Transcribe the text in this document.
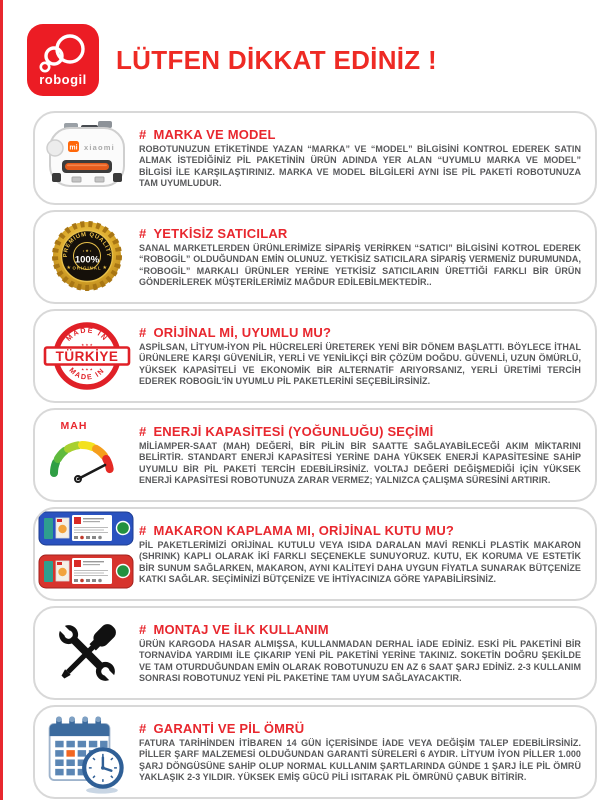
robogil
LÜTFEN DİKKAT EDİNİZ !
mi xiaomi
# MARKA VE MODEL

ROBOTUNUZUN ETİKETİNDE YAZAN “MARKA” VE “MODEL” BİLGİSİNİ KONTROL EDEREK SATIN ALMAK İSTEDİĞİNİZ PİL PAKETİNİN ÜRÜN ADINDA YER ALAN “UYUMLU MARKA VE MODEL” BİLGİSİ İLE KARŞILAŞTIRINIZ. MARKA VE MODEL BİLGİLERİ AYNI İSE PİL PAKETİ ROBOTUNUZA TAM UYUMLUDUR.

PREMIUM QUALITY
• ★ •
100%
ORIGINAL
★	★
# YETKİSİZ SATICILAR

SANAL MARKETLERDEN ÜRÜNLERİMİZE SİPARİŞ VERİRKEN “SATICI” BİLGİSİNİ KOTROL EDEREK “ROBOGİL” OLDUĞUNDAN EMİN OLUNUZ. YETKİSİZ SATICILARA SİPARİŞ VERMENİZ DURUMUNDA, “ROBOGİL” MARKALI ÜRÜNLER YERİNE YETKİSİZ SATICILARIN ÜRETTİĞİ FARKLI BİR ÜRÜN GÖNDERİLEREK MÜŞTERİLERİMİZ MAĞDUR EDİLEBİLMEKTEDİR..

MADE IN
★ ★ ★
TÜRKİYE
★ ★ ★
MADE IN
# ORİJİNAL Mİ, UYUMLU MU?

ASPİLSAN, LİTYUM-İYON PİL HÜCRELERİ ÜRETEREK YENİ BİR DÖNEM BAŞLATTI. BÖYLECE İTHAL ÜRÜNLERE KARŞI GÜVENİLİR, YERLİ VE YENİLİKÇİ BİR ÇÖZÜM DOĞDU. GÜVENLİ, UZUN ÖMÜRLÜ, YÜKSEK KAPASİTELİ VE EKONOMİK BİR ALTERNATİF ARIYORSANIZ, YERLİ ÜRETİMİ TERCİH EDEREK ROBOGİL'İN UYUMLU PİL PAKETLERİNİ SEÇEBİLİRSİNİZ.

MAH	# ENERJİ KAPASİTESİ (YOĞUNLUĞU) SEÇİMİ

MİLİAMPER-SAAT (MAH) DEĞERİ, BİR PİLİN BİR SAATTE SAĞLAYABİLECEĞİ AKIM MİKTARINI BELİRTİR. STANDART ENERJİ KAPASİTESİ YERİNE DAHA YÜKSEK ENERJİ KAPASİTESİNE SAHİP UYUMLU BİR PİL PAKETİ TERCİH EDEBİLİRSİNİZ. VOLTAJ DEĞERİ DEĞİŞMEDİĞİ İÇİN YÜKSEK ENERJİ KAPASİTESİ ROBOTUNUZA ZARAR VERMEZ; YALNIZCA ÇALIŞMA SÜRESİNİ ARTIRIR.

# MAKARON KAPLAMA MI, ORİJİNAL KUTU MU?

PİL PAKETLERİMİZİ ORİJİNAL KUTULU VEYA ISIDA DARALAN MAVİ RENKLİ PLASTİK MAKARON (SHRINK) KAPLI OLARAK İKİ FARKLI SEÇENEKLE SUNUYORUZ. KUTU, EK KORUMA VE ESTETİK BİR SUNUM SAĞLARKEN, MAKARON, AYNI KALİTEYİ DAHA UYGUN FİYATLA SUNARAK BÜTÇENİZE KATKI SAĞLAR. SEÇİMİNİZİ BÜTÇENİZE VE İHTİYACINIZA GÖRE YAPABİLİRSİNİZ.

# MONTAJ VE İLK KULLANIM

ÜRÜN KARGODA HASAR ALMIŞSA, KULLANMADAN DERHAL İADE EDİNİZ. ESKİ PİL PAKETİNİ BİR TORNAVİDA YARDIMI İLE ÇIKARIP YENİ PİL PAKETİNİ YERİNE TAKINIZ. SOKETİN DOĞRU ŞEKİLDE VE TAM OTURDUĞUNDAN EMİN OLARAK ROBOTUNUZU EN AZ 6 SAAT ŞARJ EDİNİZ. 2-3 KULLANIM SONRASI ROBOTUNUZ YENİ PİL PAKETİNE TAM UYUM SAĞLAYACAKTIR.

# GARANTİ VE PİL ÖMRÜ

FATURA TARİHİNDEN İTİBAREN 14 GÜN İÇERİSİNDE İADE VEYA DEĞİŞİM TALEP EDEBİLİRSİNİZ. PİLLER ŞARF MALZEMESİ OLDUĞUNDAN GARANTİ SÜRELERİ 6 AYDIR. LİTYUM İYON PİLLER 1.000 ŞARJ DÖNGÜSÜNE SAHİP OLUP NORMAL KULLANIM ŞARTLARINDA GÜNDE 1 ŞARJ İLE PİL ÖMRÜ YAKLAŞIK 2-3 YILDIR. YÜKSEK EMİŞ GÜCÜ PİLİ ISITARAK PİL ÖMRÜNÜ ÇABUK BİTİRİR.
